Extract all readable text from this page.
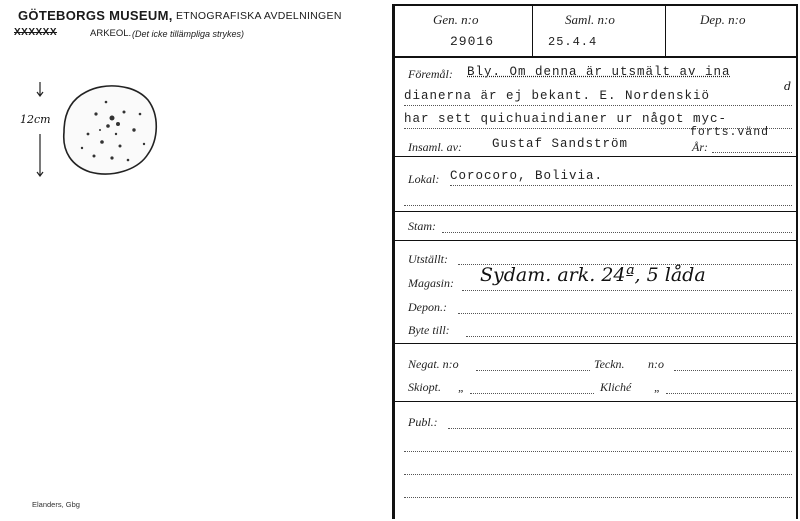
GÖTEBORGS MUSEUM, ETNOGRAFISKA AVDELNINGEN
XXXXXX	ARKEOL. (Det icke tillämpliga strykes)
12cm
Elanders, Gbg
Gen. n:o
29016
Saml. n:o
25.4.4
Dep. n:o
Föremål: Bly. Om denna är utsmält av ina
d
dianerna är ej bekant. E. Nordenskiö
har sett quichuaindianer ur något myc-
forts.vänd
Insaml. av: Gustaf Sandström	År:
Lokal: Corocoro, Bolivia.
Stam:
Utställt:
Magasin: Sydam. ark. 24ª, 5 låda
Depon.:
Byte till:
Negat. n:o	Teckn. n:o
Skiopt. „	Kliché „
Publ.:
